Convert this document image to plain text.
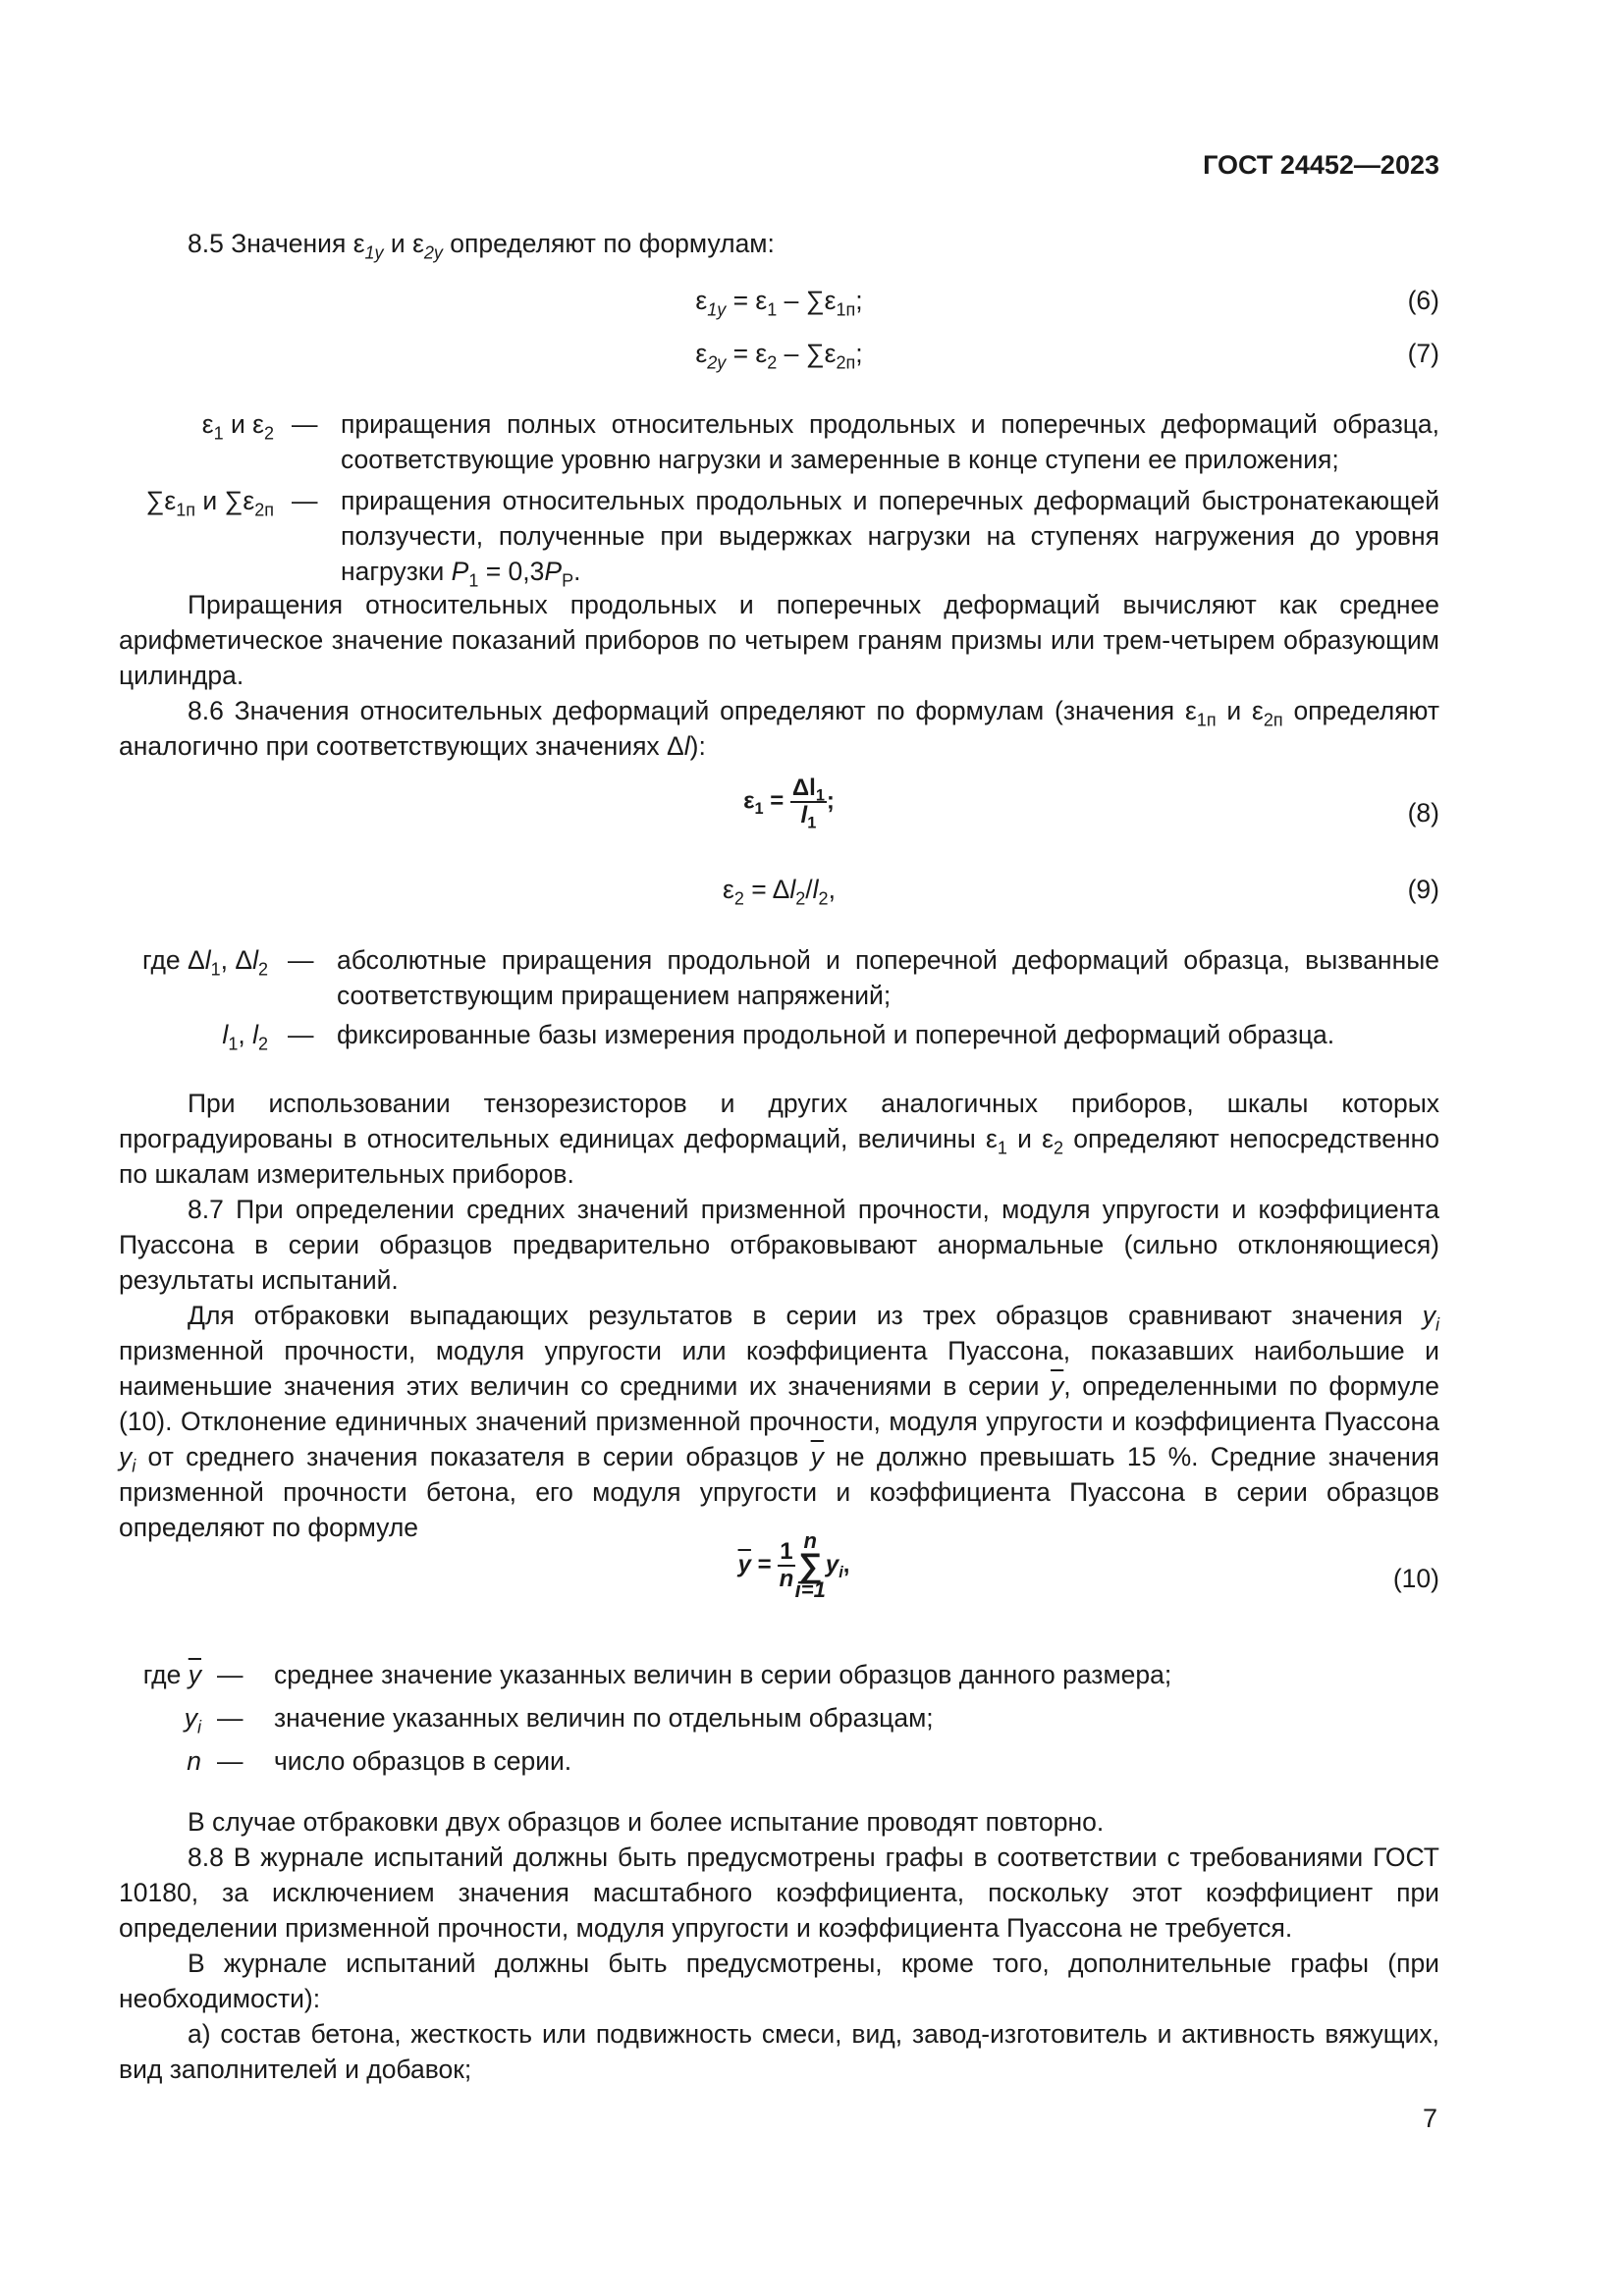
ГОСТ 24452—2023

8.5 Значения $\varepsilon_{1y}$ и $\varepsilon_{2y}$ определяют по формулам:

$\varepsilon_{1y} = \varepsilon_1 - \sum\varepsilon_{1п}$;	(6)
$\varepsilon_{2y} = \varepsilon_2 - \sum\varepsilon_{2п}$;	(7)
$\varepsilon_1$ и $\varepsilon_2$ — приращения полных относительных продольных и поперечных деформаций образца, соответствующие уровню нагрузки и замеренные в конце ступени ее приложения;
$\sum\varepsilon_{1п}$ и $\sum\varepsilon_{2п}$ — приращения относительных продольных и поперечных деформаций быстронатекающей ползучести, полученные при выдержках нагрузки на ступенях нагружения до уровня нагрузки $P_1 = 0,3P_P$.

Приращения относительных продольных и поперечных деформаций вычисляют как среднее арифметическое значение показаний приборов по четырем граням призмы или трем-четырем образующим цилиндра.

8.6 Значения относительных деформаций определяют по формулам (значения $\varepsilon_{1п}$ и $\varepsilon_{2п}$ определяют аналогично при соответствующих значениях Δl):

$\varepsilon_1 = \frac{\Delta l_1}{l_1}$ ;	(8)
$\varepsilon_2 = \Delta l_2/l_2$,	(9)
где $\Delta l_1$, $\Delta l_2$ — абсолютные приращения продольной и поперечной деформаций образца, вызванные соответствующим приращением напряжений;
$l_1$, $l_2$ — фиксированные базы измерения продольной и поперечной деформаций образца.

При использовании тензорезисторов и других аналогичных приборов, шкалы которых проградуированы в относительных единицах деформаций, величины $\varepsilon_1$ и $\varepsilon_2$ определяют непосредственно по шкалам измерительных приборов.

8.7 При определении средних значений призменной прочности, модуля упругости и коэффициента Пуассона в серии образцов предварительно отбраковывают анормальные (сильно отклоняющиеся) результаты испытаний.

Для отбраковки выпадающих результатов в серии из трех образцов сравнивают значения $y_i$ призменной прочности, модуля упругости или коэффициента Пуассона, показавших наибольшие и наименьшие значения этих величин со средними их значениями в серии $\overline{y}$, определенными по формуле (10). Отклонение единичных значений призменной прочности, модуля упругости и коэффициента Пуассона $y_i$ от среднего значения показателя в серии образцов $\overline{y}$ не должно превышать 15 %. Средние значения призменной прочности бетона, его модуля упругости и коэффициента Пуассона в серии образцов определяют по формуле

$\overline{y} = \frac{1}{n}$ n
∑
i=1
$y_i$,	(10)
где $\overline{y}$ — среднее значение указанных величин в серии образцов данного размера;
$y_i$ — значение указанных величин по отдельным образцам;
n — число образцов в серии.

В случае отбраковки двух образцов и более испытание проводят повторно.

8.8 В журнале испытаний должны быть предусмотрены графы в соответствии с требованиями ГОСТ 10180, за исключением значения масштабного коэффициента, поскольку этот коэффициент при определении призменной прочности, модуля упругости и коэффициента Пуассона не требуется.

В журнале испытаний должны быть предусмотрены, кроме того, дополнительные графы (при необходимости):

а) состав бетона, жесткость или подвижность смеси, вид, завод-изготовитель и активность вяжущих, вид заполнителей и добавок;

7
